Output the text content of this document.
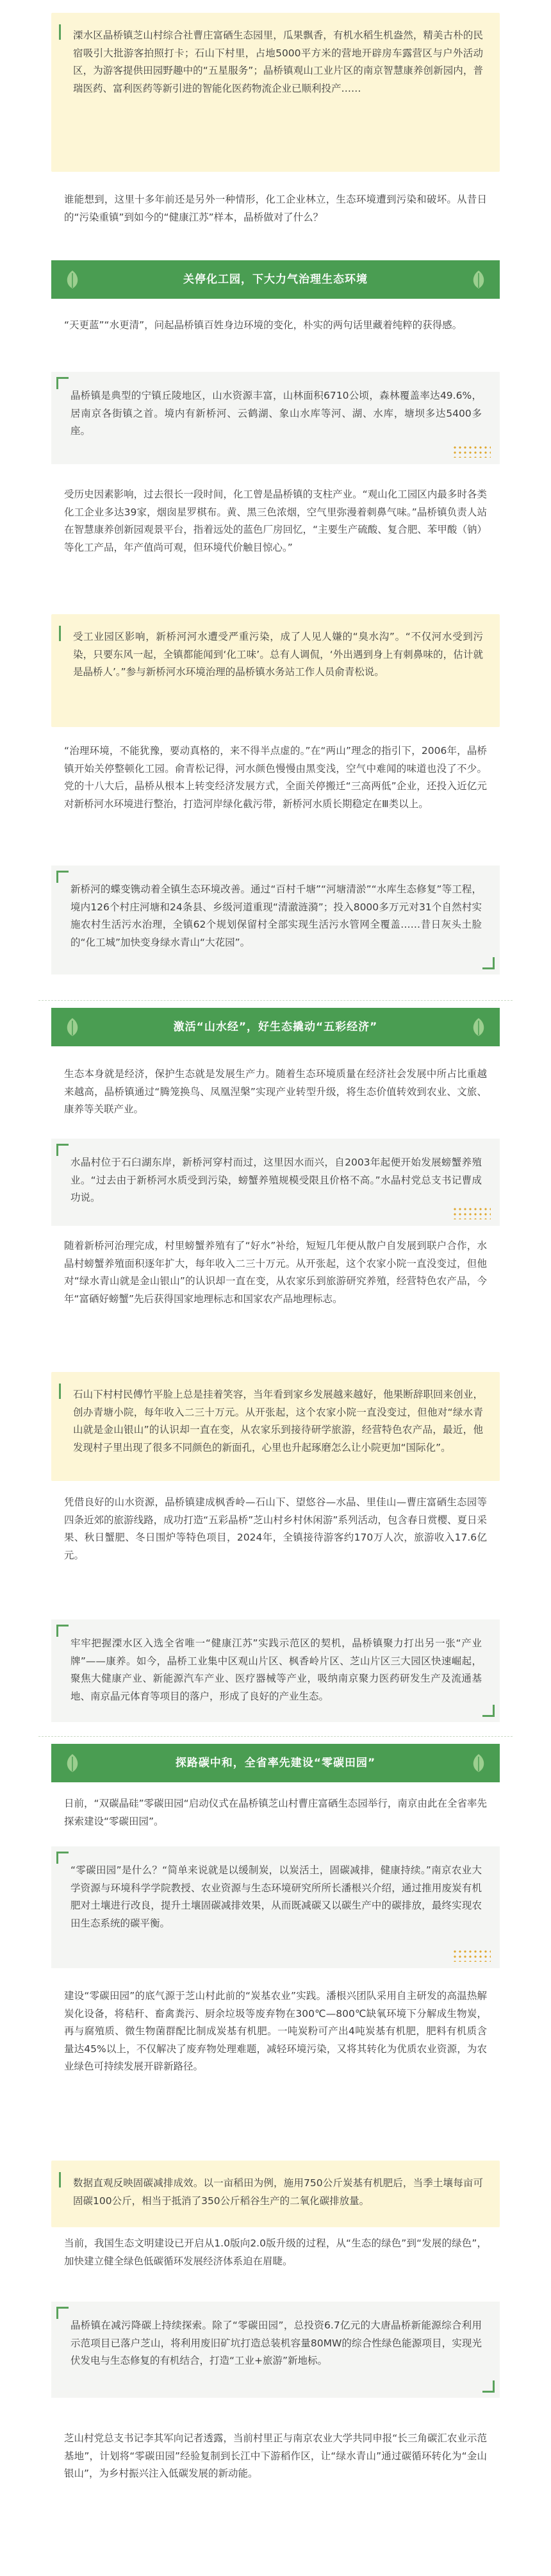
溧水区晶桥镇芝山村综合社曹庄富硒生态园里，瓜果飘香，有机水稻生机盎然，精美古朴的民宿吸引大批游客拍照打卡；石山下村里，占地5000平方米的营地开辟房车露营区与户外活动区，为游客提供田园野趣中的“五星服务”；晶桥镇观山工业片区的南京智慧康养创新园内，普瑞医药、富利医药等新引进的智能化医药物流企业已顺利投产……

谁能想到，这里十多年前还是另外一种情形，化工企业林立，生态环境遭到污染和破坏。从昔日的“污染重镇”到如今的“健康江苏”样本，晶桥做对了什么？

关停化工园，下大力气治理生态环境

“天更蓝”“水更清”，问起晶桥镇百姓身边环境的变化，朴实的两句话里藏着纯粹的获得感。

晶桥镇是典型的宁镇丘陵地区，山水资源丰富，山林面积6710公顷，森林覆盖率达49.6%，居南京各街镇之首。境内有新桥河、云鹤湖、象山水库等河、湖、水库，塘坝多达5400多座。

受历史因素影响，过去很长一段时间，化工曾是晶桥镇的支柱产业。“观山化工园区内最多时各类化工企业多达39家，烟囱星罗棋布。黄、黑三色浓烟，空气里弥漫着刺鼻气味。”晶桥镇负责人站在智慧康养创新园观景平台，指着远处的蓝色厂房回忆，“主要生产硫酸、复合肥、苯甲酸（钠）等化工产品，年产值尚可观，但环境代价触目惊心。”

受工业园区影响，新桥河河水遭受严重污染，成了人见人嫌的“臭水沟”。“不仅河水受到污染，只要东风一起，全镇都能闻到‘化工味’。总有人调侃，‘外出遇到身上有刺鼻味的，估计就是晶桥人’。”参与新桥河水环境治理的晶桥镇水务站工作人员俞青松说。

“治理环境，不能犹豫，要动真格的，来不得半点虚的。”在“两山”理念的指引下，2006年，晶桥镇开始关停整顿化工园。俞青松记得，河水颜色慢慢由黑变浅，空气中难闻的味道也没了不少。党的十八大后，晶桥从根本上转变经济发展方式，全面关停搬迁“三高两低”企业，还投入近亿元对新桥河水环境进行整治，打造河岸绿化截污带，新桥河水质长期稳定在Ⅲ类以上。

新桥河的蝶变镌动着全镇生态环境改善。通过“百村千塘”“河塘清淤”“水库生态修复”等工程，境内126个村庄河塘和24条县、乡级河道重现“清澈涟漪”；投入8000多万元对31个自然村实施农村生活污水治理，全镇62个规划保留村全部实现生活污水管网全覆盖……昔日灰头土脸的“化工城”加快变身绿水青山“大花园”。

激活“山水经”，好生态撬动“五彩经济”

生态本身就是经济，保护生态就是发展生产力。随着生态环境质量在经济社会发展中所占比重越来越高，晶桥镇通过“腾笼换鸟、凤凰涅槃”实现产业转型升级，将生态价值转效到农业、文旅、康养等关联产业。

水晶村位于石臼湖东岸，新桥河穿村而过，这里因水而兴，自2003年起便开始发展螃蟹养殖业。“过去由于新桥河水质受到污染，螃蟹养殖规模受限且价格不高。”水晶村党总支书记曹成功说。

随着新桥河治理完成，村里螃蟹养殖有了“好水”补给，短短几年便从散户自发展到联户合作，水晶村螃蟹养殖面积逐年扩大，每年收入二三十万元。从开张起，这个农家小院一直没变过，但他对“绿水青山就是金山银山”的认识却一直在变，从农家乐到旅游研究养殖，经营特色农产品，今年“富硒好螃蟹”先后获得国家地理标志和国家农产品地理标志。

石山下村村民傅竹平脸上总是挂着笑容，当年看到家乡发展越来越好，他果断辞职回来创业，创办青塘小院，每年收入二三十万元。从开张起，这个农家小院一直没变过，但他对“绿水青山就是金山银山”的认识却一直在变，从农家乐到接待研学旅游，经营特色农产品，最近，他发现村子里出现了很多不同颜色的新面孔，心里也升起琢磨怎么让小院更加“国际化”。

凭借良好的山水资源，晶桥镇建成枫香岭—石山下、望悠谷—水晶、里佳山—曹庄富硒生态园等四条近郊的旅游线路，成功打造“五彩晶桥”芝山村乡村休闲游”系列活动，包含春日赏樱、夏日采果、秋日蟹肥、冬日围炉等特色项目，2024年，全镇接待游客约170万人次，旅游收入17.6亿元。

牢牢把握溧水区入选全省唯一“健康江苏”实践示范区的契机，晶桥镇聚力打出另一张“产业牌”——康养。如今，晶桥工业集中区观山片区、枫香岭片区、芝山片区三大园区快速崛起，聚焦大健康产业、新能源汽车产业、医疗器械等产业，吸纳南京聚力医药研发生产及流通基地、南京晶元体育等项目的落户，形成了良好的产业生态。

探路碳中和，全省率先建设“零碳田园”

日前，“双碳晶硅”零碳田园“启动仪式在晶桥镇芝山村曹庄富硒生态园举行，南京由此在全省率先探索建设“零碳田园”。

“零碳田园”是什么？“简单来说就是以缓制炭，以炭活土，固碳减排，健康持续。”南京农业大学资源与环境科学学院教授、农业资源与生态环境研究所所长潘根兴介绍，通过推用废炭有机肥对土壤进行改良，提升土壤固碳减排效果，从而既减碳又以碳生产中的碳排放，最终实现农田生态系统的碳平衡。

建设“零碳田园”的底气源于芝山村此前的“炭基农业”实践。潘根兴团队采用自主研发的高温热解炭化设备，将秸秆、畜禽粪污、厨余垃圾等废弃物在300℃—800℃缺氧环境下分解成生物炭，再与腐殖质、微生物菌群配比制成炭基有机肥。一吨炭粉可产出4吨炭基有机肥，肥料有机质含量达45%以上，不仅解决了废弃物处理难题，减轻环境污染，又将其转化为优质农业资源，为农业绿色可持续发展开辟新路径。

数据直观反映固碳减排成效。以一亩稻田为例，施用750公斤炭基有机肥后，当季土壤每亩可固碳100公斤，相当于抵消了350公斤稻谷生产的二氧化碳排放量。

当前，我国生态文明建设已开启从1.0版向2.0版升级的过程，从“生态的绿色”到“发展的绿色”，加快建立健全绿色低碳循环发展经济体系迫在眉睫。

晶桥镇在减污降碳上持续探索。除了“零碳田园”，总投资6.7亿元的大唐晶桥新能源综合利用示范项目已落户芝山，将利用废旧矿坑打造总装机容量80MW的综合性绿色能源项目，实现光伏发电与生态修复的有机结合，打造“工业+旅游”新地标。

芝山村党总支书记李其军向记者透露，当前村里正与南京农业大学共同申报“长三角碳汇农业示范基地”，计划将“零碳田园”经验复制到长江中下游稻作区，让“绿水青山”通过碳循环转化为“金山银山”，为乡村振兴注入低碳发展的新动能。
